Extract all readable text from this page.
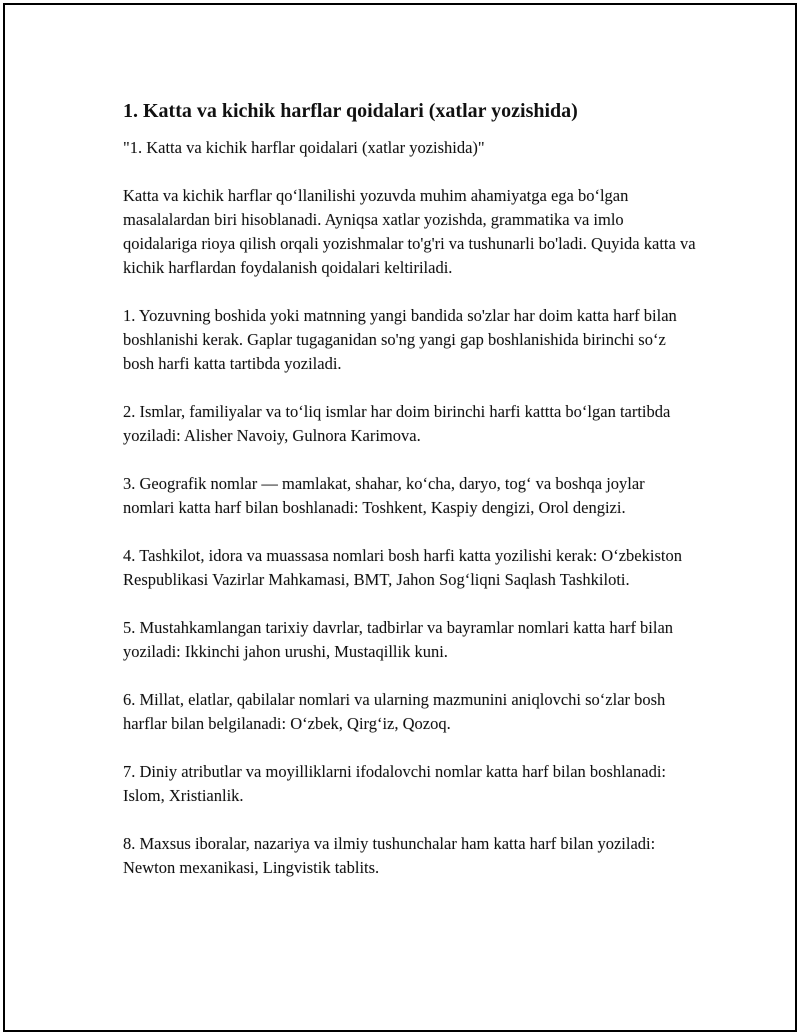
1. Katta va kichik harflar qoidalari (xatlar yozishida)
"1. Katta va kichik harflar qoidalari (xatlar yozishida)"
Katta va kichik harflar qo‘llanilishi yozuvda muhim ahamiyatga ega bo‘lgan masalalardan biri hisoblanadi. Ayniqsa xatlar yozishda, grammatika va imlo qoidalariga rioya qilish orqali yozishmalar to'g'ri va tushunarli bo'ladi. Quyida katta va kichik harflardan foydalanish qoidalari keltiriladi.
1. Yozuvning boshida yoki matnning yangi bandida so'zlar har doim katta harf bilan boshlanishi kerak. Gaplar tugaganidan so'ng yangi gap boshlanishida birinchi so‘z bosh harfi katta tartibda yoziladi.
2. Ismlar, familiyalar va to‘liq ismlar har doim birinchi harfi kattta bo‘lgan tartibda yoziladi: Alisher Navoiy, Gulnora Karimova.
3. Geografik nomlar — mamlakat, shahar, ko‘cha, daryo, tog‘ va boshqa joylar nomlari katta harf bilan boshlanadi: Toshkent, Kaspiy dengizi, Orol dengizi.
4. Tashkilot, idora va muassasa nomlari bosh harfi katta yozilishi kerak: O‘zbekiston Respublikasi Vazirlar Mahkamasi, BMT, Jahon Sog‘liqni Saqlash Tashkiloti.
5. Mustahkamlangan tarixiy davrlar, tadbirlar va bayramlar nomlari katta harf bilan yoziladi: Ikkinchi jahon urushi, Mustaqillik kuni.
6. Millat, elatlar, qabilalar nomlari va ularning mazmunini aniqlovchi so‘zlar bosh harflar bilan belgilanadi: O‘zbek, Qirg‘iz, Qozoq.
7. Diniy atributlar va moyilliklarni ifodalovchi nomlar katta harf bilan boshlanadi: Islom, Xristianlik.
8. Maxsus iboralar, nazariya va ilmiy tushunchalar ham katta harf bilan yoziladi: Newton mexanikasi, Lingvistik tablits.
